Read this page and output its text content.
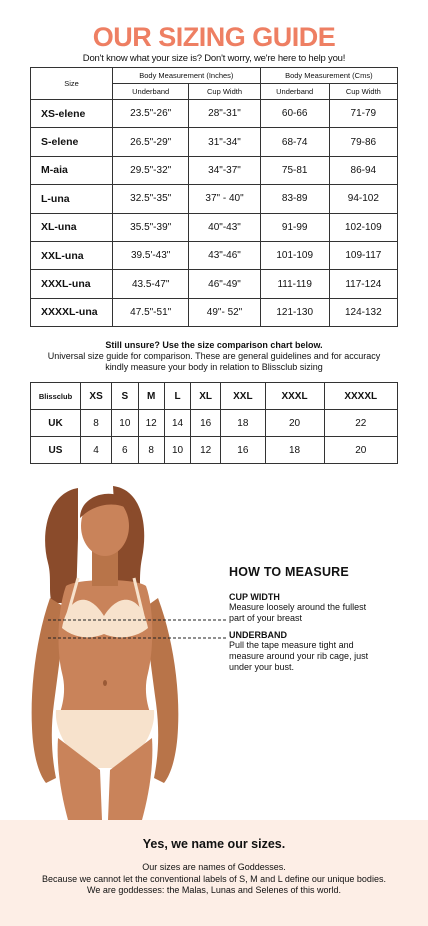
OUR SIZING GUIDE
Don't know what your size is? Don't worry, we're here to help you!
Size	Body Measurement (Inches)		Body Measurement (Cms)	
	Underband	Cup Width	Underband	Cup Width
XS-elene	23.5"-26"	28"-31"	60-66	71-79
S-elene	26.5"-29"	31"-34"	68-74	79-86
M-aia	29.5"-32"	34"-37"	75-81	86-94
L-una	32.5"-35"	37" - 40"	83-89	94-102
XL-una	35.5"-39"	40"-43"	91-99	102-109
XXL-una	39.5'-43"	43"-46"	101-109	109-117
XXXL-una	43.5-47"	46"-49"	111-119	117-124
XXXXL-una	47.5"-51"	49"- 52"	121-130	124-132
Still unsure? Use the size comparison chart below.
Universal size guide for comparison. These are general guidelines and for accuracy
kindly measure your body in relation to Blissclub sizing
Blissclub	XS	S	M	L	XL	XXL	XXXL	XXXXL
UK	8	10	12	14	16	18	20	22
US	4	6	8	10	12	16	18	20
HOW TO MEASURE
CUP WIDTH

Measure loosely around the fullest
part of your breast

UNDERBAND

Pull the tape measure tight and
measure around your rib cage, just
under your bust.

Yes, we name our sizes.
Our sizes are names of Goddesses.
Because we cannot let the conventional labels of S, M and L define our unique bodies.
We are goddesses: the Malas, Lunas and Selenes of this world.
